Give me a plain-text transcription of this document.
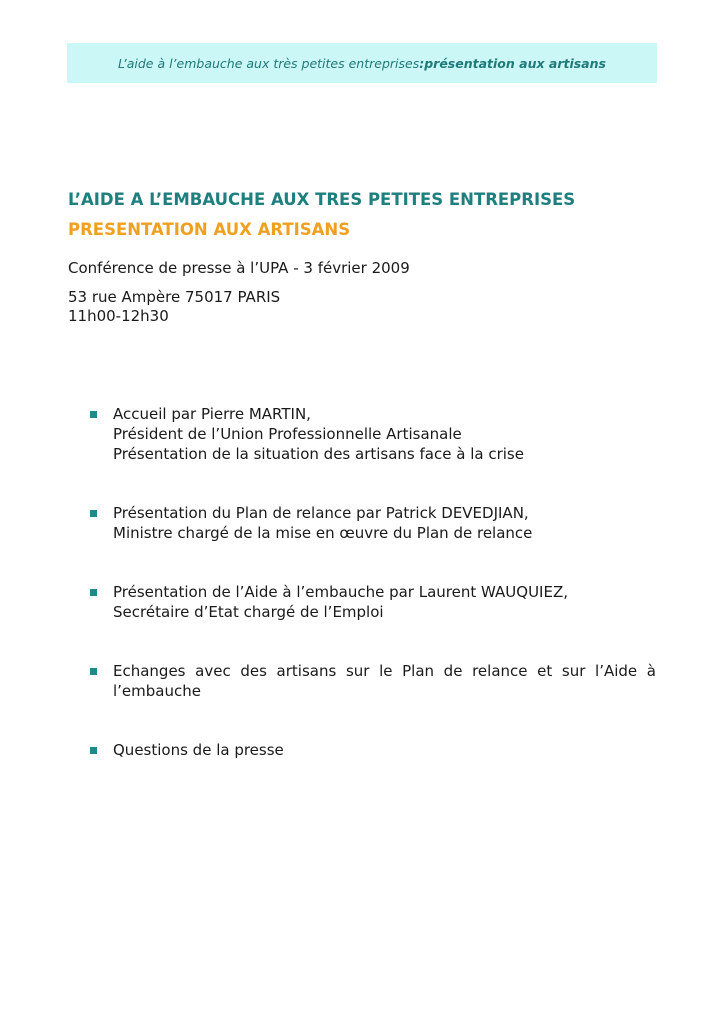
L’aide à l’embauche aux très petites entreprises : présentation aux artisans
L’AIDE A L’EMBAUCHE AUX TRES PETITES ENTREPRISES
PRESENTATION AUX ARTISANS
Conférence de presse à l’UPA - 3 février 2009
53 rue Ampère 75017 PARIS
11h00-12h30
Accueil par Pierre MARTIN,
Président de l’Union Professionnelle Artisanale
Présentation de la situation des artisans face à la crise
Présentation du Plan de relance par Patrick DEVEDJIAN,
Ministre chargé de la mise en œuvre du Plan de relance
Présentation de l’Aide à l’embauche par Laurent WAUQUIEZ,
Secrétaire d’Etat chargé de l’Emploi
Echanges avec des artisans sur le Plan de relance et sur l’Aide à l’embauche
Questions de la presse
